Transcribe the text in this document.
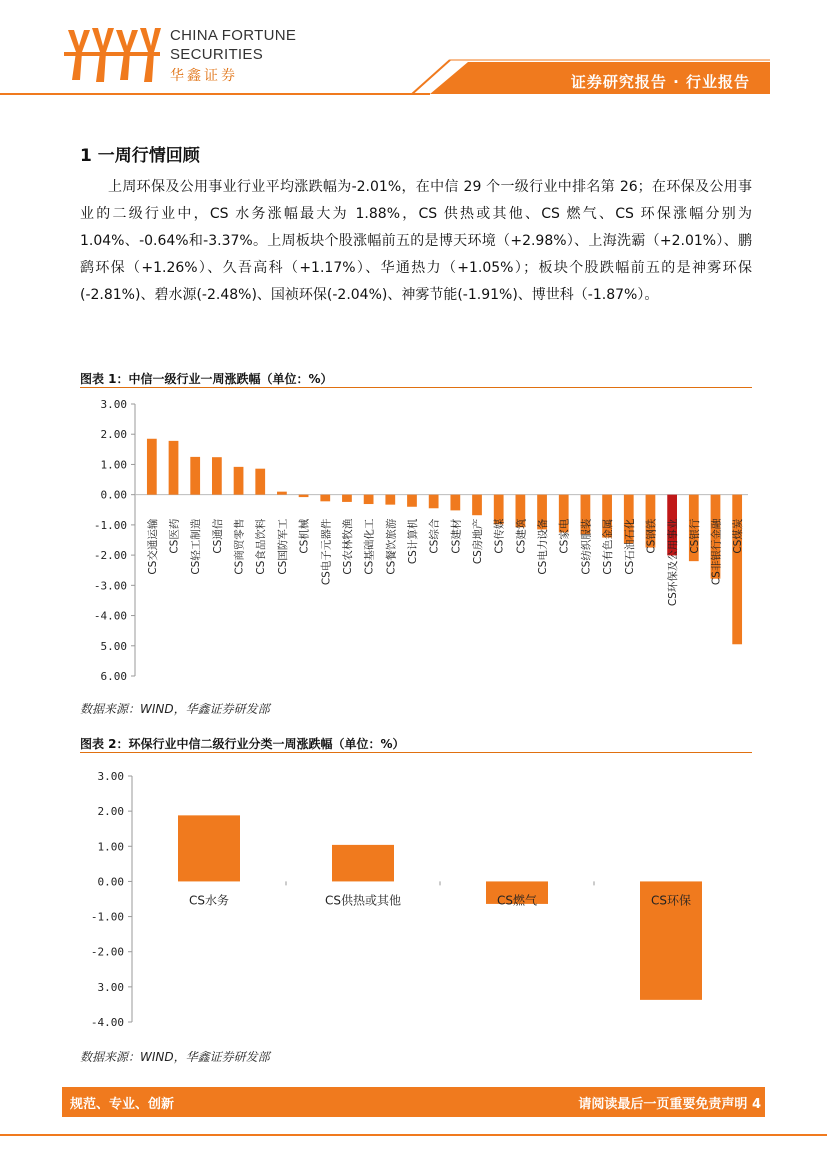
CHINA FORTUNE
SECURITIES
华鑫证券	证券研究报告 · 行业报告
1 一周行情回顾

上周环保及公用事业行业平均涨跌幅为-2.01%，在中信 29 个一级行业中排名第 26；在环保及公用事业的二级行业中，CS 水务涨幅最大为 1.88%，CS 供热或其他、CS 燃气、CS 环保涨幅分别为 1.04%、-0.64%和-3.37%。上周板块个股涨幅前五的是博天环境（+2.98%）、上海洗霸（+2.01%）、鹏鹞环保（+1.26%）、久吾高科（+1.17%）、华通热力（+1.05%）；板块个股跌幅前五的是神雾环保(-2.81%)、碧水源(-2.48%)、国祯环保(-2.04%)、神雾节能(-1.91%)、博世科（-1.87%）。

图表 1：中信一级行业一周涨跌幅（单位：%）
3.00
2.00
1.00
0.00
-1.00
-2.00
-3.00
-4.00
5.00
6.00
CS交通运输 CS医药 CS轻工制造 CS通信 CS商贸零售 CS食品饮料 CS国防军工 CS机械 CS电子元器件 CS农林牧渔 CS基础化工 CS餐饮旅游 CS计算机 CS综合 CS建材 CS房地产 CS传媒 CS建筑 CS电力设备 CS家电 CS纺织服装 CS有色金属 CS石油石化 CS钢铁 CS环保及公用事业 CS银行 CS非银行金融 CS煤炭
数据来源：WIND，华鑫证券研发部
图表 2：环保行业中信二级行业分类一周涨跌幅（单位：%）
3.00
2.00
1.00
0.00
-1.00
-2.00
3.00
-4.00
CS水务	CS供热或其他	CS燃气	CS环保
数据来源：WIND，华鑫证券研发部
规范、专业、创新	请阅读最后一页重要免责声明 4
